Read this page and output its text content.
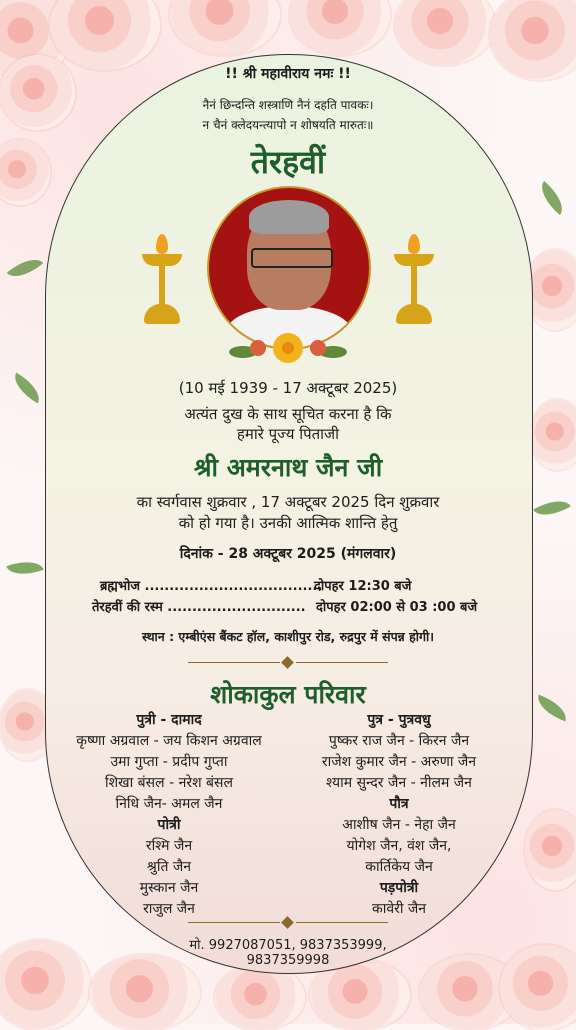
!! श्री महावीराय नमः !!
नैनं छिन्दन्ति शस्त्राणि नैनं दहति पावकः।
न चैनं क्लेदयन्त्यापो न शोषयति मारुतः॥
तेरहवीं
(10 मई 1939 - 17 अक्टूबर 2025)
अत्यंत दुख के साथ सूचित करना है कि
हमारे पूज्य पिताजी
श्री अमरनाथ जैन जी
का स्वर्गवास शुक्रवार , 17 अक्टूबर 2025 दिन शुक्रवार
को हो गया है। उनकी आत्मिक शान्ति हेतु
दिनांक - 28 अक्टूबर 2025 (मंगलवार)
ब्रह्मभोज ....................................
दोपहर 12:30 बजे
तेरहवीं की रस्म ............................ दोपहर 02:00 से 03 :00 बजे
स्थान : एम्बीएंस बैंकट हॉल, काशीपुर रोड, रुद्रपुर में संपन्न होगी।
शोकाकुल परिवार
पुत्री - दामाद
कृष्णा अग्रवाल - जय किशन अग्रवाल
उमा गुप्ता - प्रदीप गुप्ता
शिखा बंसल - नरेश बंसल
निधि जैन- अमल जैन
पोत्री
रश्मि जैन
श्रुति जैन
मुस्कान जैन
राजुल जैन
पुत्र - पुत्रवधु
पुष्कर राज जैन - किरन जैन
राजेश कुमार जैन - अरुणा जैन
श्याम सुन्दर जैन - नीलम जैन
पौत्र
आशीष जैन - नेहा जैन
योगेश जैन, वंश जैन,
कार्तिकेय जैन
पड़पोत्री
कावेरी जैन
मो. 9927087051, 9837353999,
9837359998
